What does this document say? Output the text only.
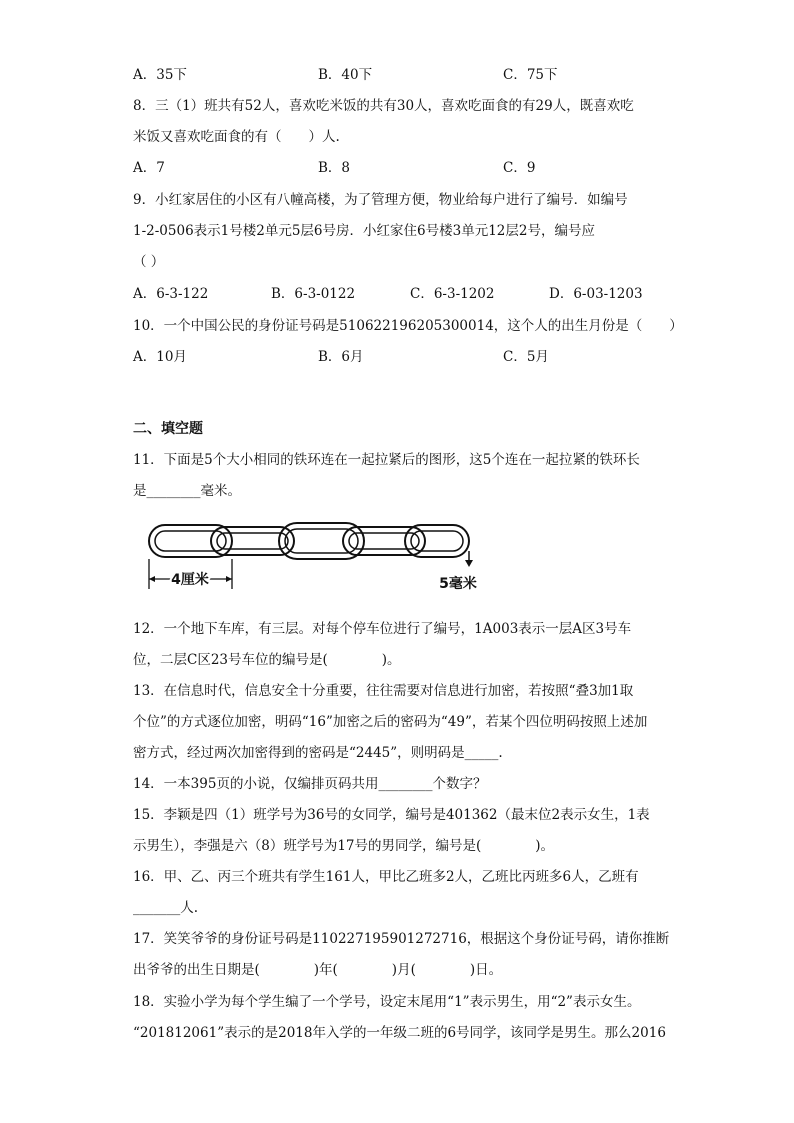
A．35下	B．40下	C．75下
8．三（1）班共有52人，喜欢吃米饭的共有30人，喜欢吃面食的有29人，既喜欢吃
米饭又喜欢吃面食的有（　　）人.
A．7	B．8	C．9
9．小红家居住的小区有八幢高楼，为了管理方便，物业给每户进行了编号．如编号
1-2-0506表示1号楼2单元5层6号房．小红家住6号楼3单元12层2号，编号应
（ ）
A．6-3-122	B．6-3-0122	C．6-3-1202	D．6-03-1203
10．一个中国公民的身份证号码是510622196205300014，这个人的出生月份是（　　）
A．10月	B．6月	C．5月
二、填空题
11．下面是5个大小相同的铁环连在一起拉紧后的图形，这5个连在一起拉紧的铁环长
是________毫米。
4厘米	5毫米
12．一个地下车库，有三层。对每个停车位进行了编号，1A003表示一层A区3号车
位，二层C区23号车位的编号是(　　　　)。
13．在信息时代，信息安全十分重要，往往需要对信息进行加密，若按照“叠3加1取
个位”的方式逐位加密，明码“16”加密之后的密码为“49”，若某个四位明码按照上述加
密方式，经过两次加密得到的密码是“2445”，则明码是_____.
14．一本395页的小说，仅编排页码共用________个数字？
15．李颖是四（1）班学号为36号的女同学，编号是401362（最末位2表示女生，1表
示男生），李强是六（8）班学号为17号的男同学，编号是(　　　　)。
16．甲、乙、丙三个班共有学生161人，甲比乙班多2人，乙班比丙班多6人，乙班有
_______人.
17．笑笑爷爷的身份证号码是110227195901272716，根据这个身份证号码，请你推断
出爷爷的出生日期是(　　　　)年(　　　　)月(　　　　)日。
18．实验小学为每个学生编了一个学号，设定末尾用“1”表示男生，用“2”表示女生。
“201812061”表示的是2018年入学的一年级二班的6号同学，该同学是男生。那么2016
